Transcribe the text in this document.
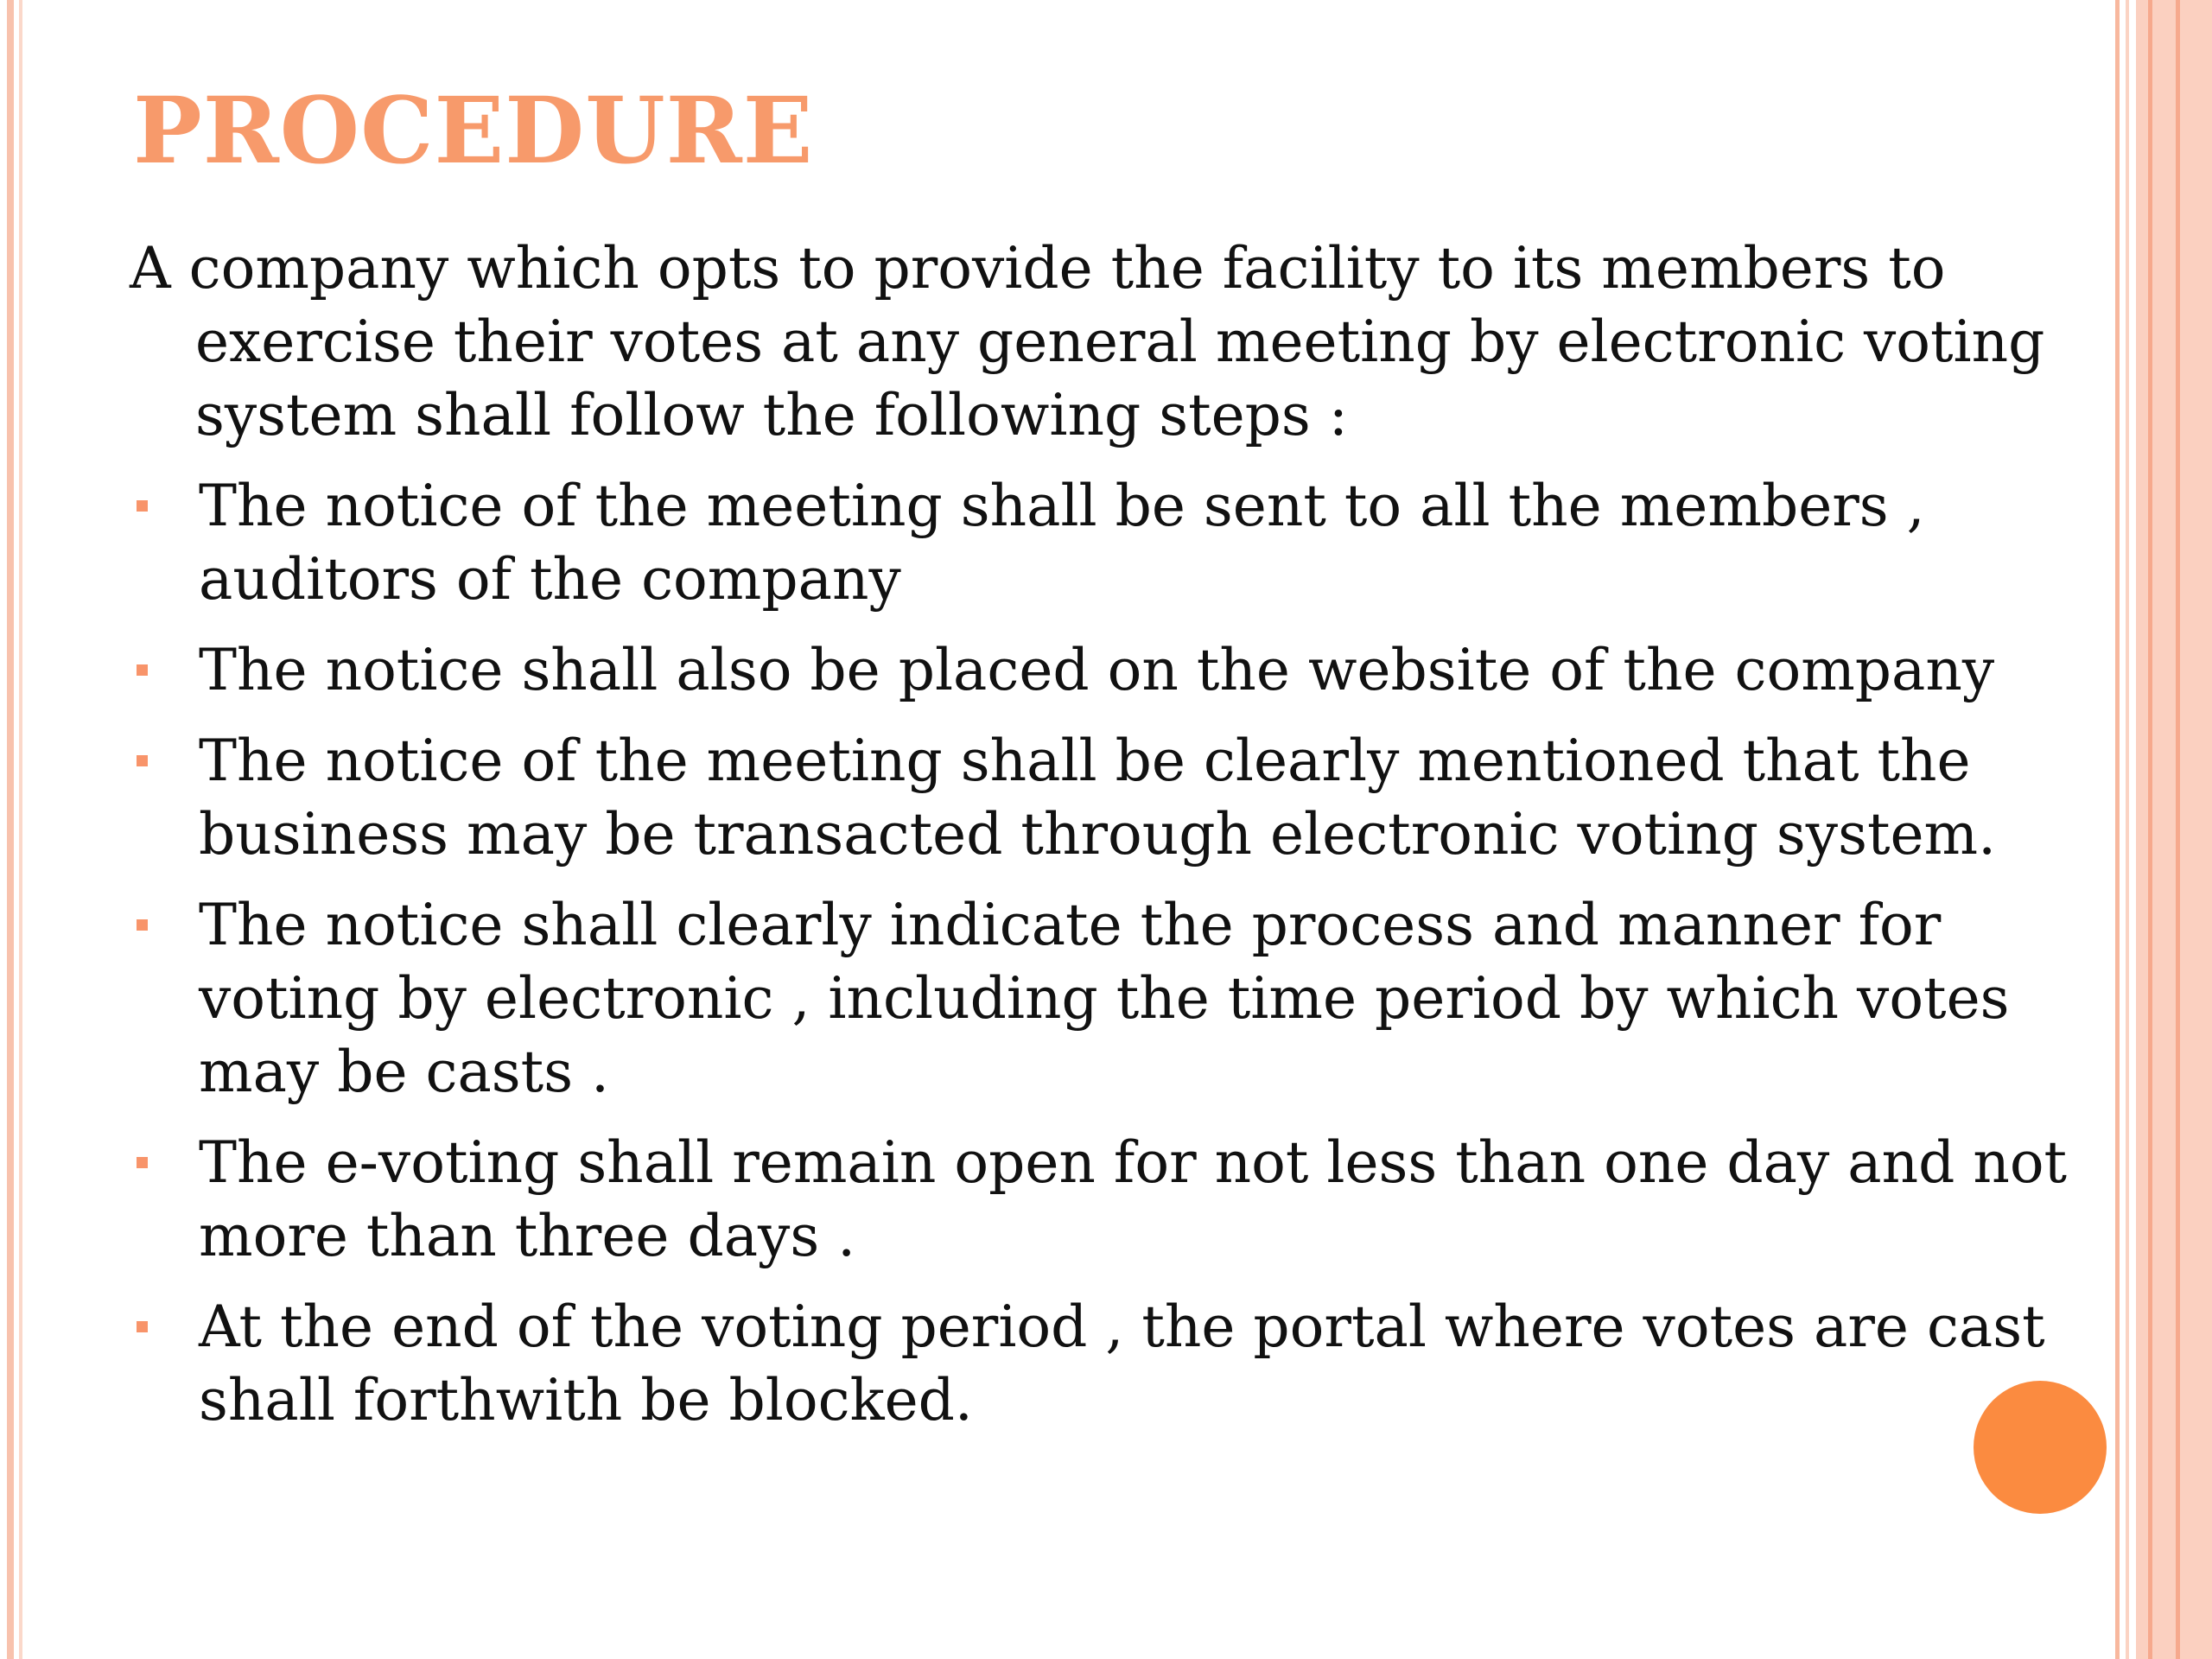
PROCEDURE

A company which opts to provide the facility to its members to exercise their votes at any general meeting by electronic voting system shall follow the following steps :

The notice of the meeting shall be sent to all the members , auditors of the company
The notice shall also be placed on the website of the company
The notice of the meeting shall be clearly mentioned that the business may be transacted through electronic voting system.
The notice shall clearly indicate the process and manner for voting by electronic , including the time period by which votes may be casts .
The e-voting shall remain open for not less than one day and not more than three days .
At the end of the voting period , the portal where votes are cast shall forthwith be blocked.
